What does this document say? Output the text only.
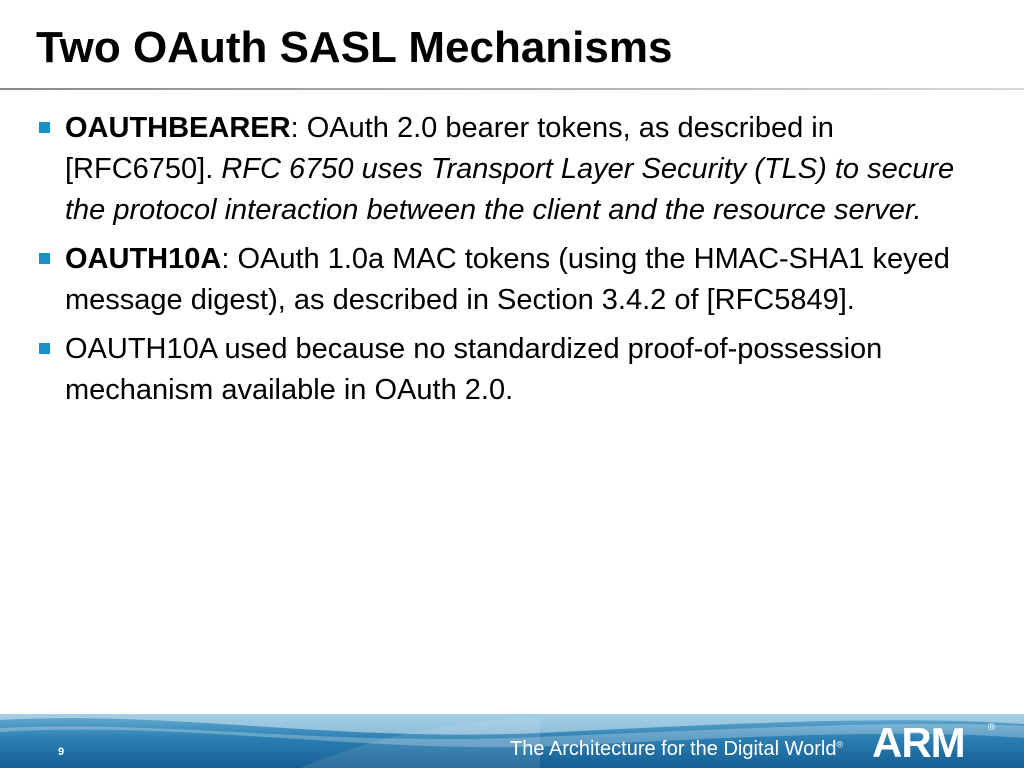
Two OAuth SASL Mechanisms
OAUTHBEARER: OAuth 2.0 bearer tokens, as described in [RFC6750]. RFC 6750 uses Transport Layer Security (TLS) to secure the protocol interaction between the client and the resource server.
OAUTH10A: OAuth 1.0a MAC tokens (using the HMAC-SHA1 keyed message digest), as described in Section 3.4.2 of [RFC5849].
OAUTH10A used because no standardized proof-of-possession mechanism available in OAuth 2.0.
9	The Architecture for the Digital World® ARM ®
